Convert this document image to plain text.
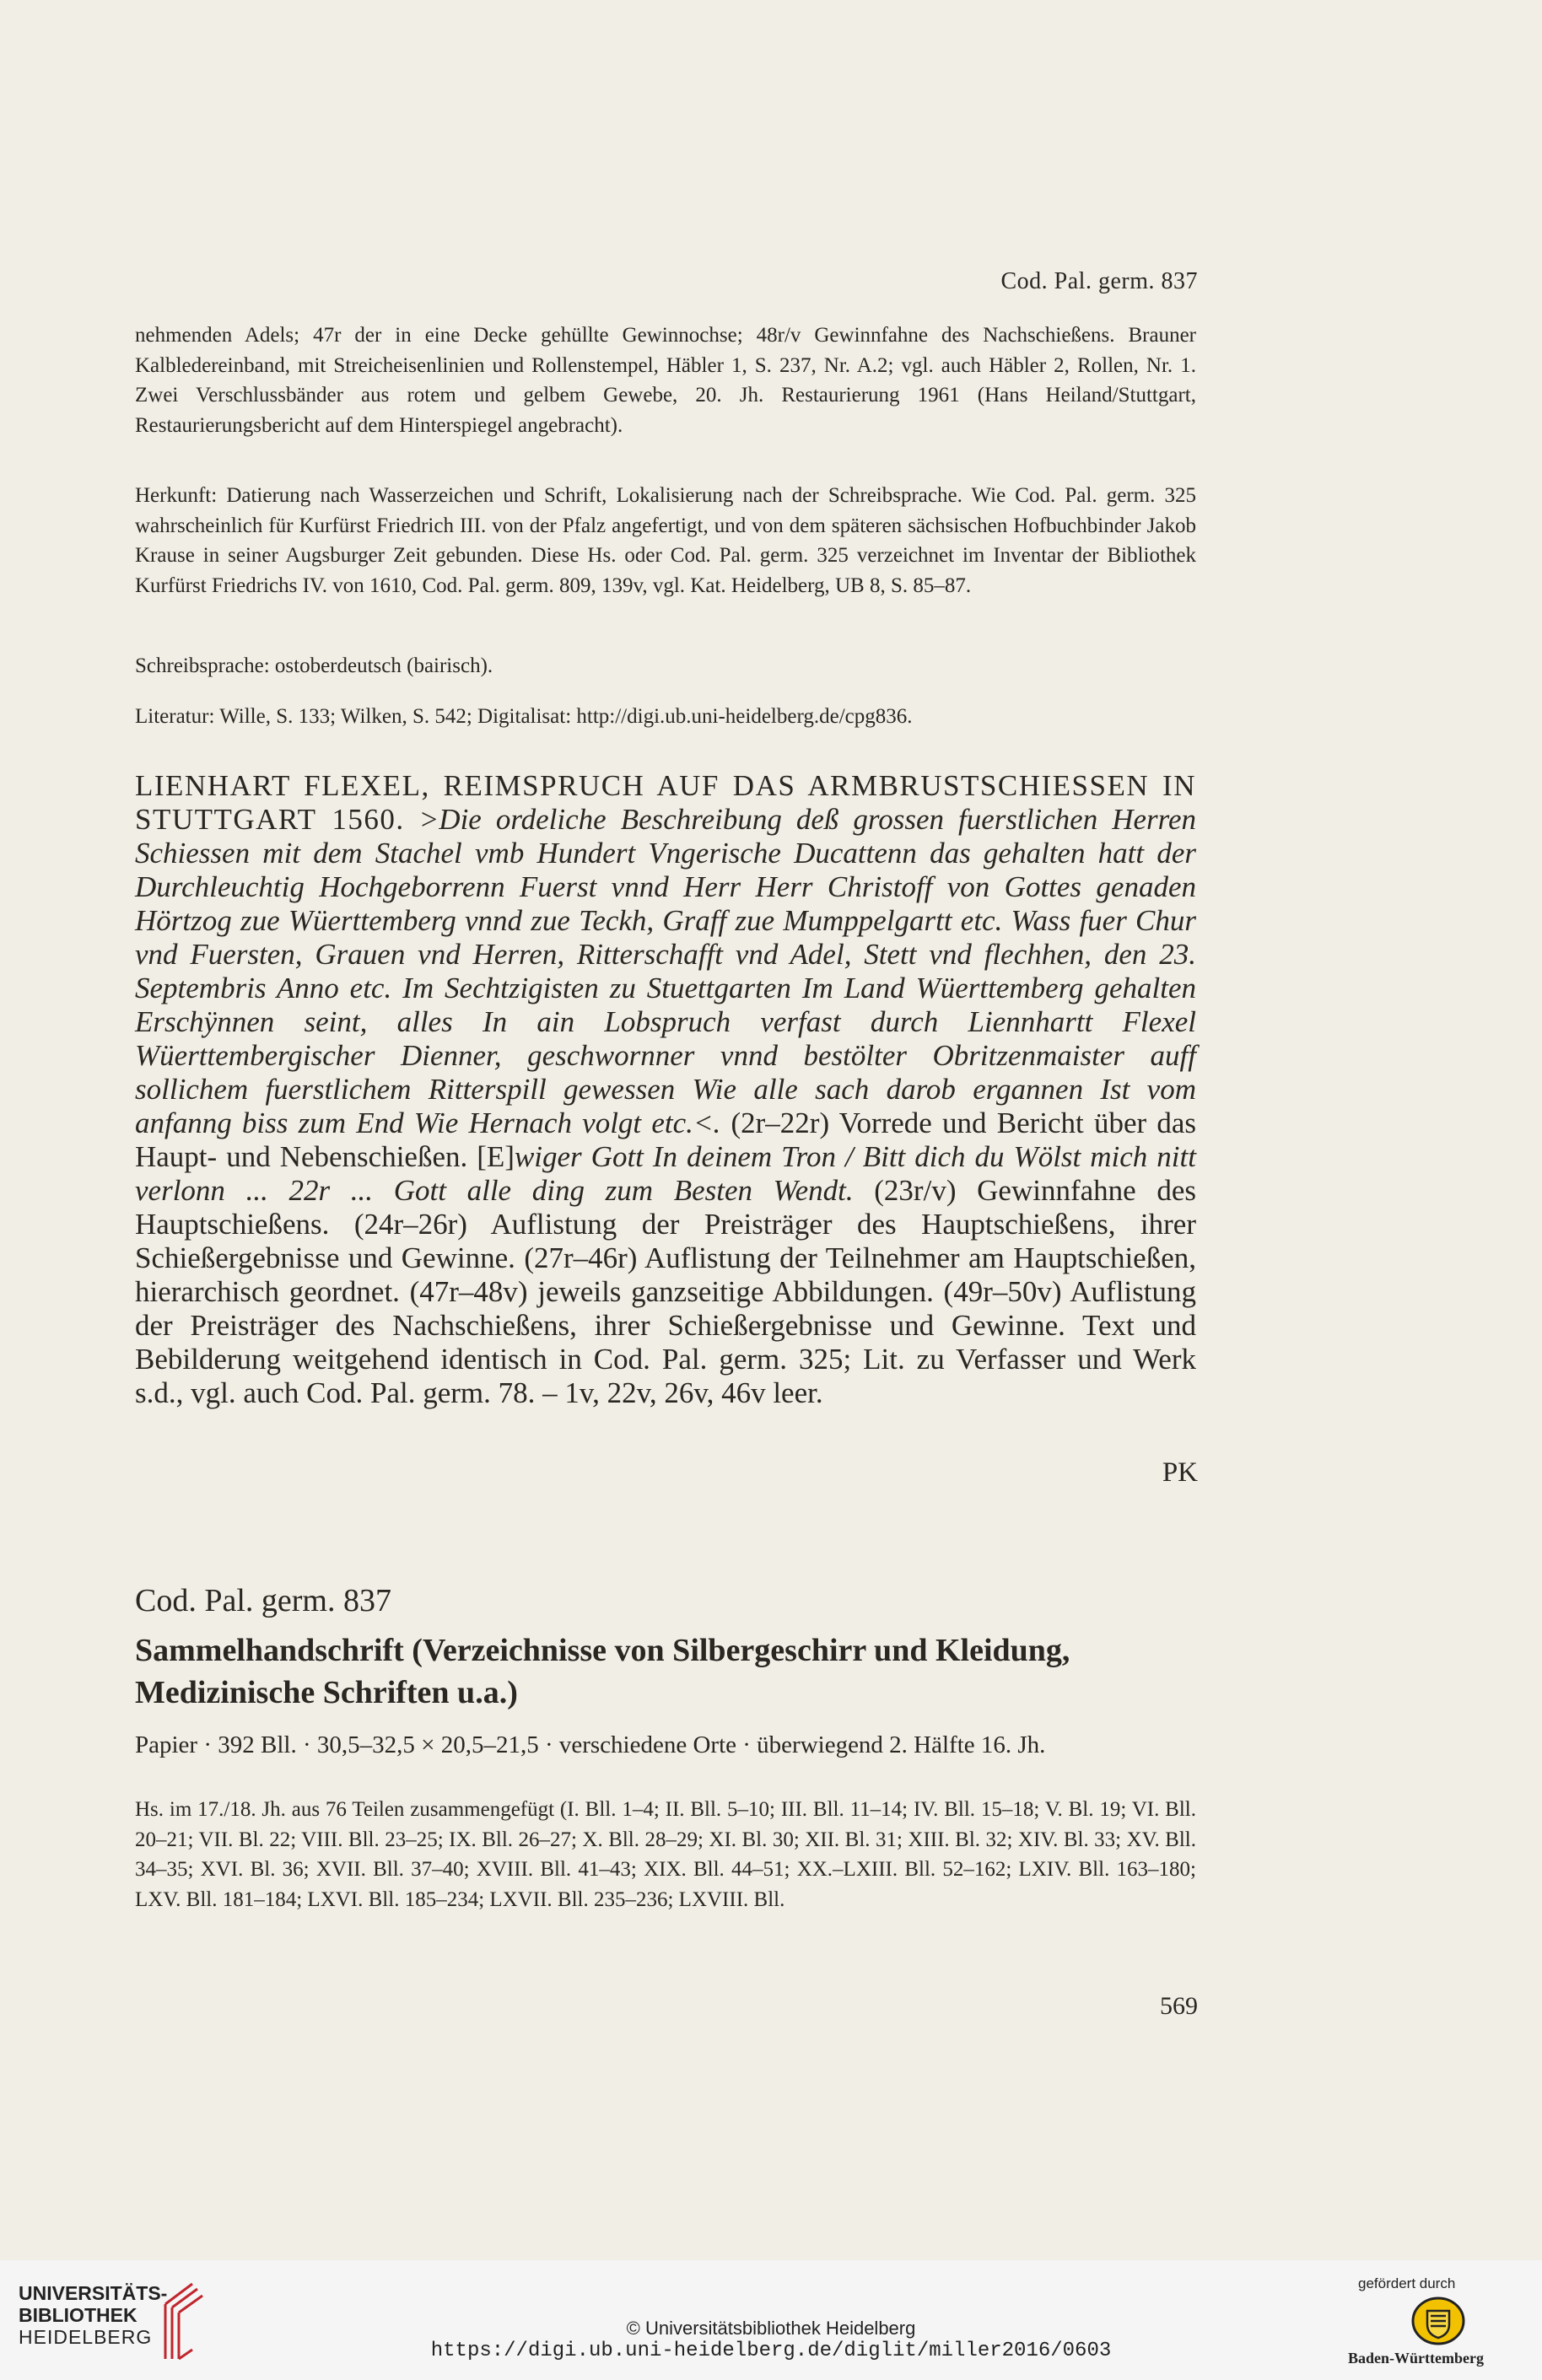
Cod. Pal. germ. 837

nehmenden Adels; 47r der in eine Decke gehüllte Gewinnochse; 48r/v Gewinnfahne des Nachschießens. Brauner Kalbledereinband, mit Streicheisenlinien und Rollenstempel, Häbler 1, S. 237, Nr. A.2; vgl. auch Häbler 2, Rollen, Nr. 1. Zwei Verschlussbänder aus rotem und gelbem Gewebe, 20. Jh. Restaurierung 1961 (Hans Heiland/Stuttgart, Restaurierungsbericht auf dem Hinterspiegel angebracht).

Herkunft: Datierung nach Wasserzeichen und Schrift, Lokalisierung nach der Schreibsprache. Wie Cod. Pal. germ. 325 wahrscheinlich für Kurfürst Friedrich III. von der Pfalz angefertigt, und von dem späteren sächsischen Hofbuchbinder Jakob Krause in seiner Augsburger Zeit gebunden. Diese Hs. oder Cod. Pal. germ. 325 verzeichnet im Inventar der Bibliothek Kurfürst Friedrichs IV. von 1610, Cod. Pal. germ. 809, 139v, vgl. Kat. Heidelberg, UB 8, S. 85–87.

Schreibsprache: ostoberdeutsch (bairisch).

Literatur: Wille, S. 133; Wilken, S. 542; Digitalisat: http://digi.ub.uni-heidelberg.de/cpg836.

LIENHART FLEXEL, REIMSPRUCH AUF DAS ARMBRUSTSCHIESSEN IN STUTTGART 1560. >Die ordeliche Beschreibung deß grossen fuerstlichen Herren Schiessen mit dem Stachel vmb Hundert Vngerische Ducattenn das gehalten hatt der Durchleuchtig Hochgeborrenn Fuerst vnnd Herr Herr Christoff von Gottes genaden Hörtzog zue Wüerttemberg vnnd zue Teckh, Graff zue Mumppelgartt etc. Wass fuer Chur vnd Fuersten, Grauen vnd Herren, Ritterschafft vnd Adel, Stett vnd flechhen, den 23. Septembris Anno etc. Im Sechtzigisten zu Stuettgarten Im Land Wüerttemberg gehalten Erschÿnnen seint, alles In ain Lobspruch verfast durch Liennhartt Flexel Wüerttembergischer Dienner, geschwornner vnnd bestölter Obritzenmaister auff sollichem fuerstlichem Ritterspill gewessen Wie alle sach darob ergannen Ist vom anfanng biss zum End Wie Hernach volgt etc.<. (2r–22r) Vorrede und Bericht über das Haupt- und Nebenschießen. [E]wiger Gott In deinem Tron / Bitt dich du Wölst mich nitt verlonn ... 22r ... Gott alle ding zum Besten Wendt. (23r/v) Gewinnfahne des Hauptschießens. (24r–26r) Auflistung der Preisträger des Hauptschießens, ihrer Schießergebnisse und Gewinne. (27r–46r) Auflistung der Teilnehmer am Hauptschießen, hierarchisch geordnet. (47r–48v) jeweils ganzseitige Abbildungen. (49r–50v) Auflistung der Preisträger des Nachschießens, ihrer Schießergebnisse und Gewinne. Text und Bebilderung weitgehend identisch in Cod. Pal. germ. 325; Lit. zu Verfasser und Werk s.d., vgl. auch Cod. Pal. germ. 78. – 1v, 22v, 26v, 46v leer.

PK
Cod. Pal. germ. 837
Sammelhandschrift (Verzeichnisse von Silbergeschirr und Kleidung, Medizinische Schriften u.a.)
Papier · 392 Bll. · 30,5–32,5 × 20,5–21,5 · verschiedene Orte · überwiegend 2. Hälfte 16. Jh.

Hs. im 17./18. Jh. aus 76 Teilen zusammengefügt (I. Bll. 1–4; II. Bll. 5–10; III. Bll. 11–14; IV. Bll. 15–18; V. Bl. 19; VI. Bll. 20–21; VII. Bl. 22; VIII. Bll. 23–25; IX. Bll. 26–27; X. Bll. 28–29; XI. Bl. 30; XII. Bl. 31; XIII. Bl. 32; XIV. Bl. 33; XV. Bll. 34–35; XVI. Bl. 36; XVII. Bll. 37–40; XVIII. Bll. 41–43; XIX. Bll. 44–51; XX.–LXIII. Bll. 52–162; LXIV. Bll. 163–180; LXV. Bll. 181–184; LXVI. Bll. 185–234; LXVII. Bll. 235–236; LXVIII. Bll.

569
UNIVERSITÄTS-
BIBLIOTHEK
HEIDELBERG	© Universitätsbibliothek Heidelberg
https://digi.ub.uni-heidelberg.de/diglit/miller2016/0603
gefördert durch
Baden-Württemberg
